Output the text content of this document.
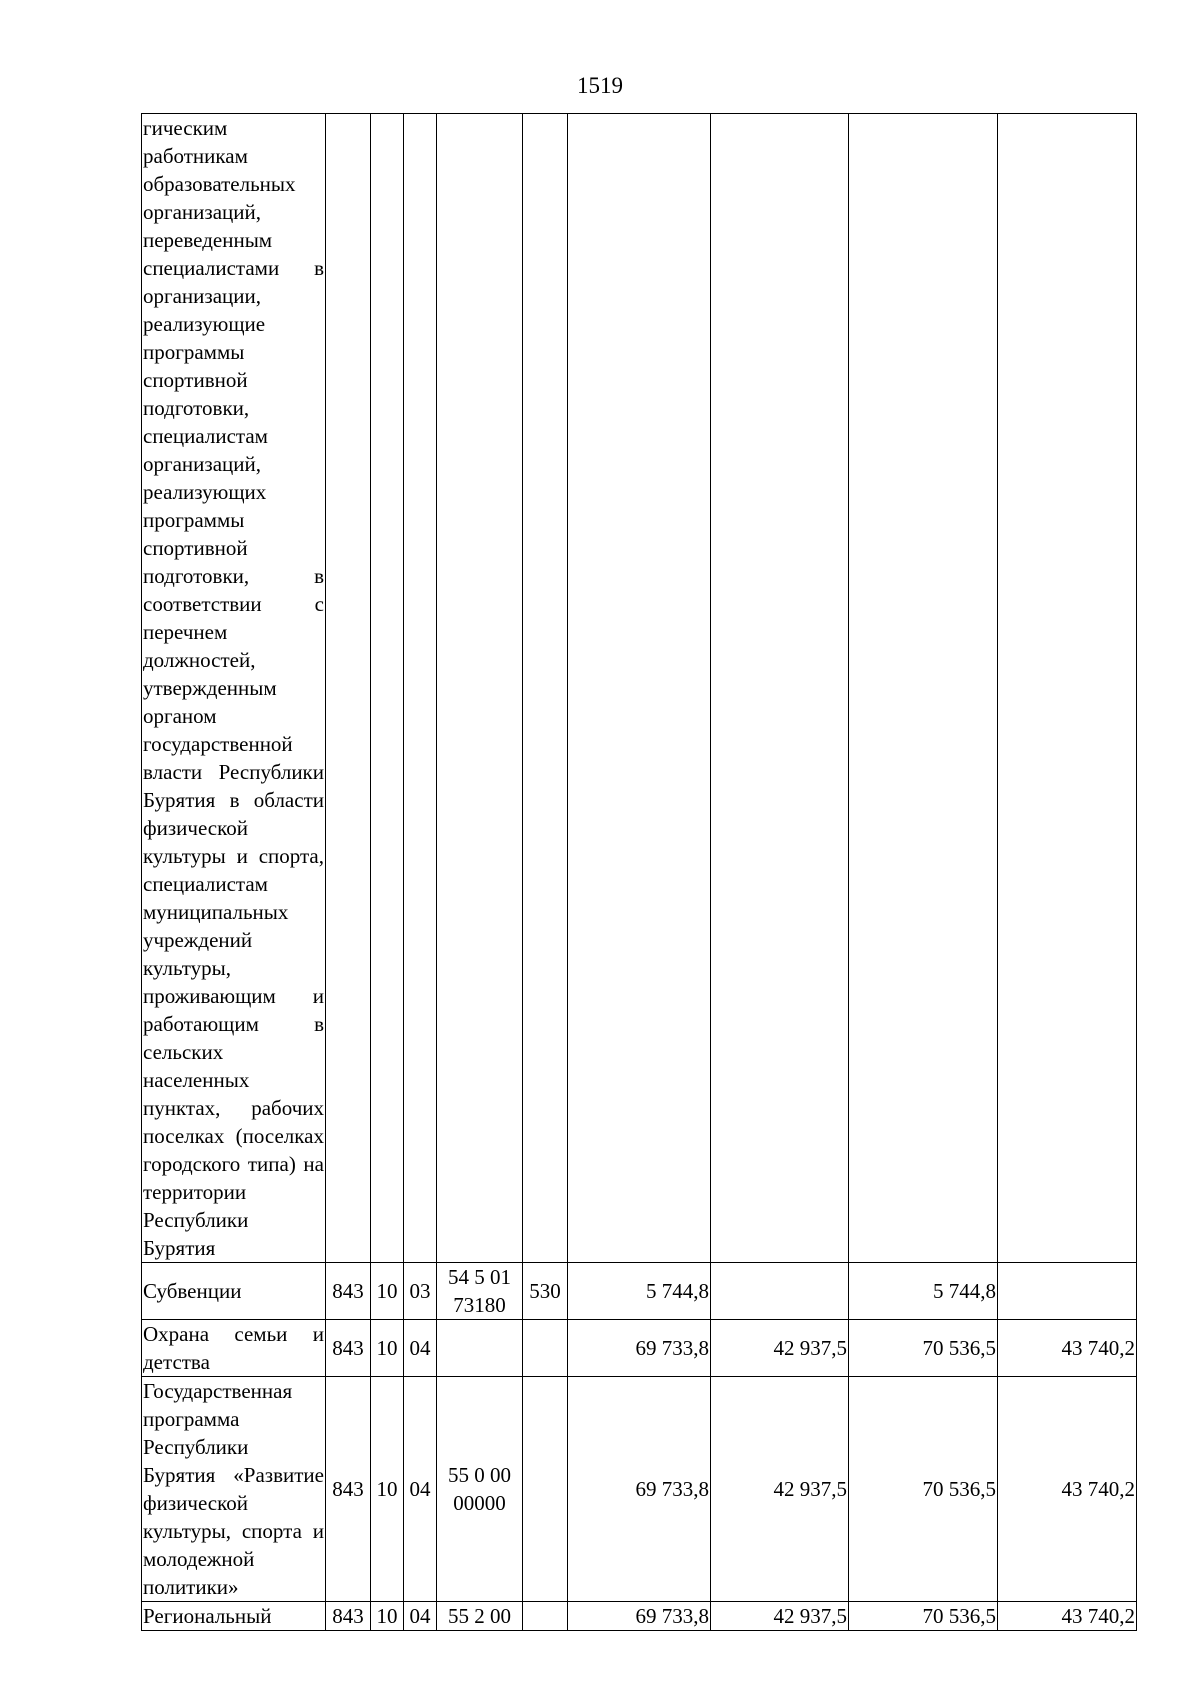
1519
гическим работникам образовательных организаций, переведенным специалистами в организации, реализующие программы спортивной подготовки, специалистам организаций, реализующих программы спортивной подготовки, в соответствии с перечнем должностей, утвержденным органом государственной власти Республики Бурятия в области физической культуры и спорта, специалистам муниципальных учреждений культуры, проживающим и работающим в сельских населенных пунктах, рабочих поселках (поселках городского типа) на территории Республики Бурятия									
Субвенции	843	10	03	54 5 01 73180	530	5 744,8		5 744,8	
Охрана семьи и детства	843	10	04			69 733,8	42 937,5	70 536,5	43 740,2
Государственная программа Республики Бурятия «Развитие физической культуры, спорта и молодежной политики»	843	10	04	55 0 00 00000		69 733,8	42 937,5	70 536,5	43 740,2
Региональный	843	10	04	55 2 00		69 733,8	42 937,5	70 536,5	43 740,2
